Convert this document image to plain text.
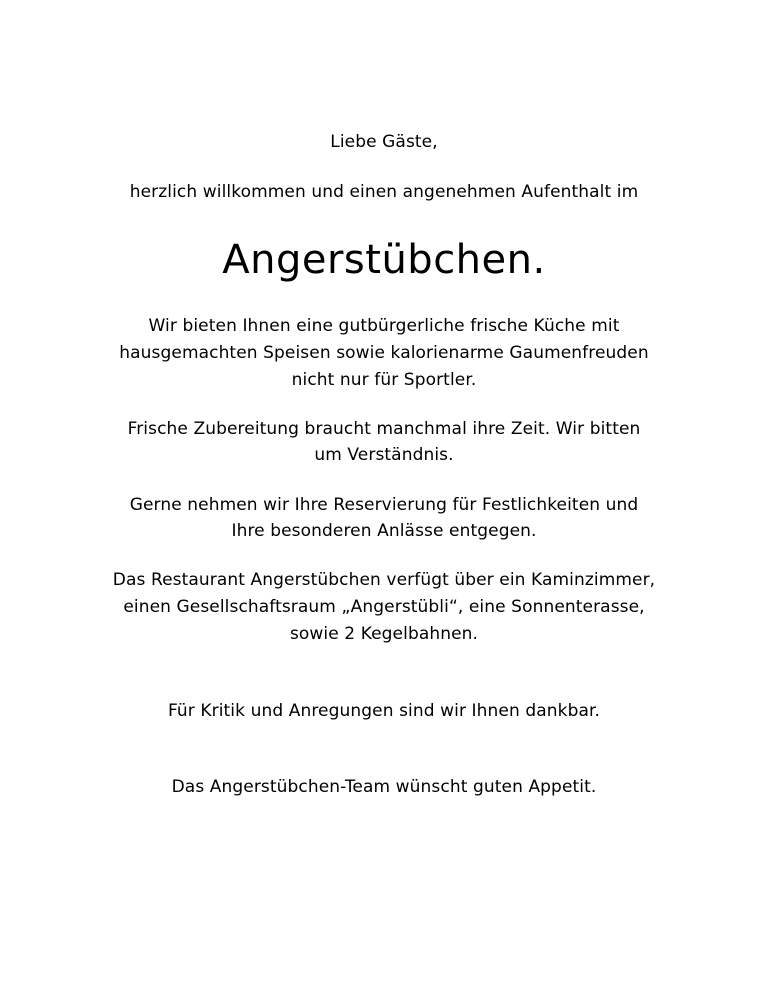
Liebe Gäste,
herzlich willkommen und einen angenehmen Aufenthalt im
Angerstübchen.
Wir bieten Ihnen eine gutbürgerliche frische Küche mit
hausgemachten Speisen sowie kalorienarme Gaumenfreuden
nicht nur für Sportler.
Frische Zubereitung braucht manchmal ihre Zeit. Wir bitten
um Verständnis.
Gerne nehmen wir Ihre Reservierung für Festlichkeiten und
Ihre besonderen Anlässe entgegen.
Das Restaurant Angerstübchen verfügt über ein Kaminzimmer,
einen Gesellschaftsraum „Angerstübli“, eine Sonnenterasse,
sowie 2 Kegelbahnen.
Für Kritik und Anregungen sind wir Ihnen dankbar.
Das Angerstübchen-Team wünscht guten Appetit.
